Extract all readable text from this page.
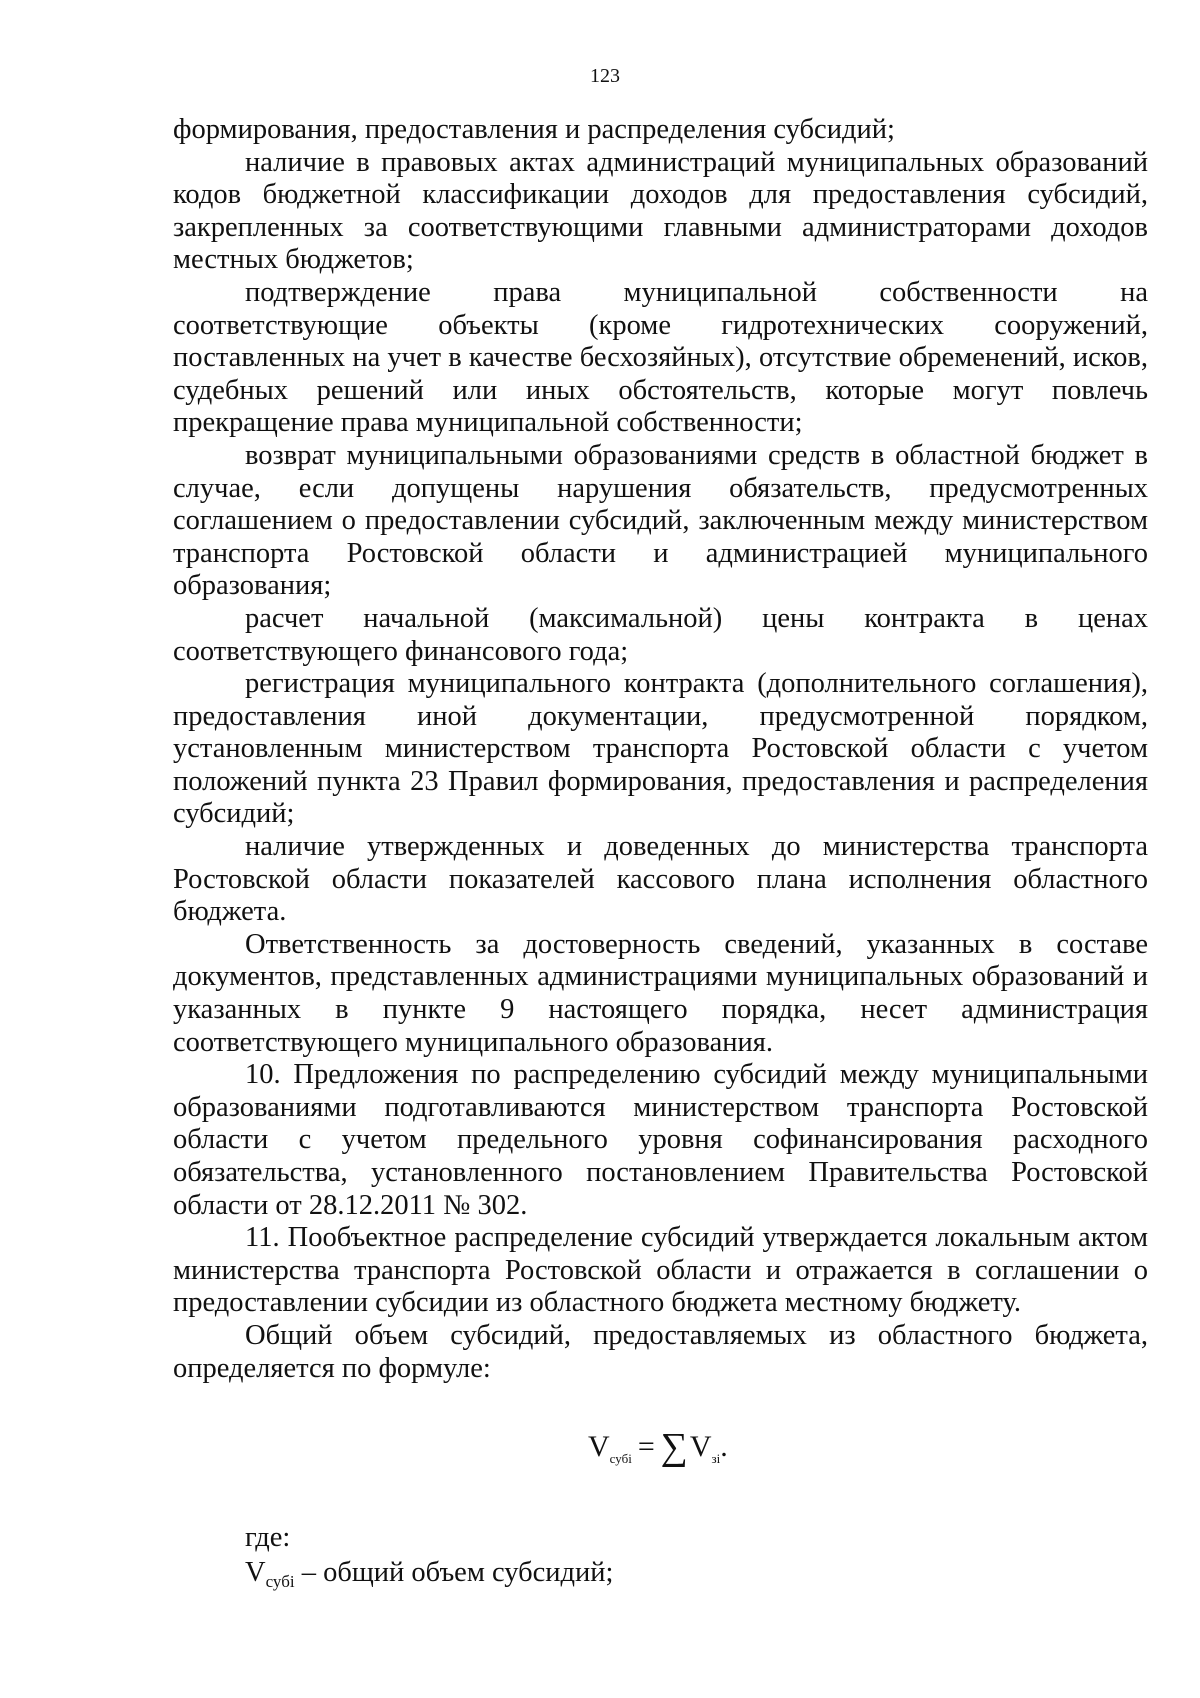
123

формирования, предоставления и распределения субсидий;

наличие в правовых актах администраций муниципальных образований кодов бюджетной классификации доходов для предоставления субсидий, закрепленных за соответствующими главными администраторами доходов местных бюджетов;

подтверждение права муниципальной собственности на соответствующие объекты (кроме гидротехнических сооружений, поставленных на учет в качестве бесхозяйных), отсутствие обременений, исков, судебных решений или иных обстоятельств, которые могут повлечь прекращение права муниципальной собственности;

возврат муниципальными образованиями средств в областной бюджет в случае, если допущены нарушения обязательств, предусмотренных соглашением о предоставлении субсидий, заключенным между министерством транспорта Ростовской области и администрацией муниципального образования;

расчет начальной (максимальной) цены контракта в ценах соответствующего финансового года;

регистрация муниципального контракта (дополнительного соглашения), предоставления иной документации, предусмотренной порядком, установленным министерством транспорта Ростовской области с учетом положений пункта 23 Правил формирования, предоставления и распределения субсидий;

наличие утвержденных и доведенных до министерства транспорта Ростовской области показателей кассового плана исполнения областного бюджета.

Ответственность за достоверность сведений, указанных в составе документов, представленных администрациями муниципальных образований и указанных в пункте 9 настоящего порядка, несет администрация соответствующего муниципального образования.

10. Предложения по распределению субсидий между муниципальными образованиями подготавливаются министерством транспорта Ростовской области с учетом предельного уровня софинансирования расходного обязательства, установленного постановлением Правительства Ростовской области от 28.12.2011 № 302.

11. Пообъектное распределение субсидий утверждается локальным актом министерства транспорта Ростовской области и отражается в соглашении о предоставлении субсидии из областного бюджета местному бюджету.

Общий объем субсидий, предоставляемых из областного бюджета, определяется по формуле:

$V_{субi} = \sum V_{зi}$.
где:
$V_{субi}$ – общий объем субсидий;
